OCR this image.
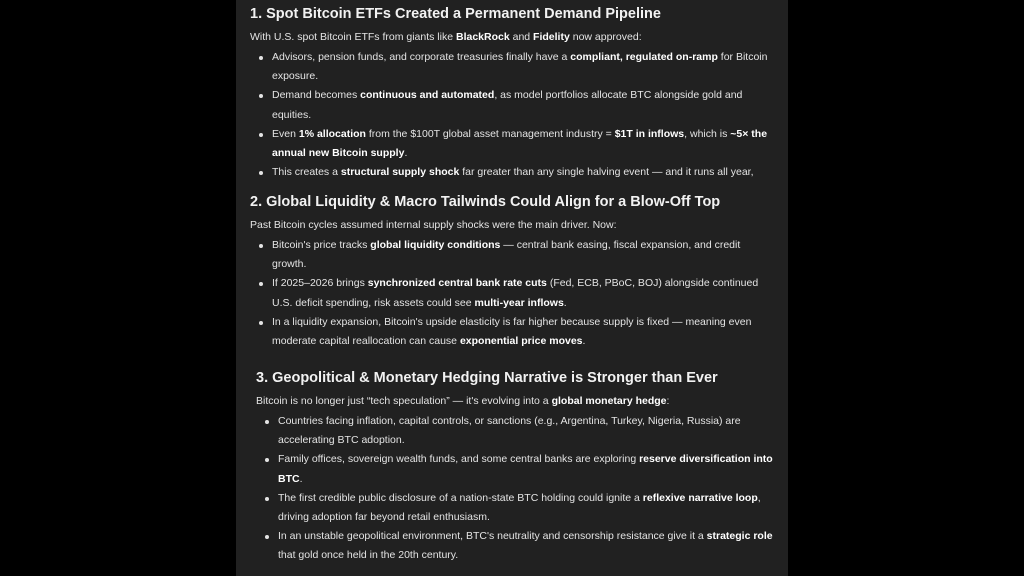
1. Spot Bitcoin ETFs Created a Permanent Demand Pipeline

With U.S. spot Bitcoin ETFs from giants like BlackRock and Fidelity now approved:

Advisors, pension funds, and corporate treasuries finally have a compliant, regulated on-ramp for Bitcoin exposure.
Demand becomes continuous and automated, as model portfolios allocate BTC alongside gold and equities.
Even 1% allocation from the $100T global asset management industry = $1T in inflows, which is ~5× the annual new Bitcoin supply.
This creates a structural supply shock far greater than any single halving event — and it runs all year,
2. Global Liquidity & Macro Tailwinds Could Align for a Blow-Off Top

Past Bitcoin cycles assumed internal supply shocks were the main driver. Now:

Bitcoin's price tracks global liquidity conditions — central bank easing, fiscal expansion, and credit growth.
If 2025–2026 brings synchronized central bank rate cuts (Fed, ECB, PBoC, BOJ) alongside continued U.S. deficit spending, risk assets could see multi-year inflows.
In a liquidity expansion, Bitcoin's upside elasticity is far higher because supply is fixed — meaning even moderate capital reallocation can cause exponential price moves.
3. Geopolitical & Monetary Hedging Narrative is Stronger than Ever

Bitcoin is no longer just “tech speculation” — it's evolving into a global monetary hedge:

Countries facing inflation, capital controls, or sanctions (e.g., Argentina, Turkey, Nigeria, Russia) are accelerating BTC adoption.
Family offices, sovereign wealth funds, and some central banks are exploring reserve diversification into BTC.
The first credible public disclosure of a nation-state BTC holding could ignite a reflexive narrative loop, driving adoption far beyond retail enthusiasm.
In an unstable geopolitical environment, BTC's neutrality and censorship resistance give it a strategic role that gold once held in the 20th century.
